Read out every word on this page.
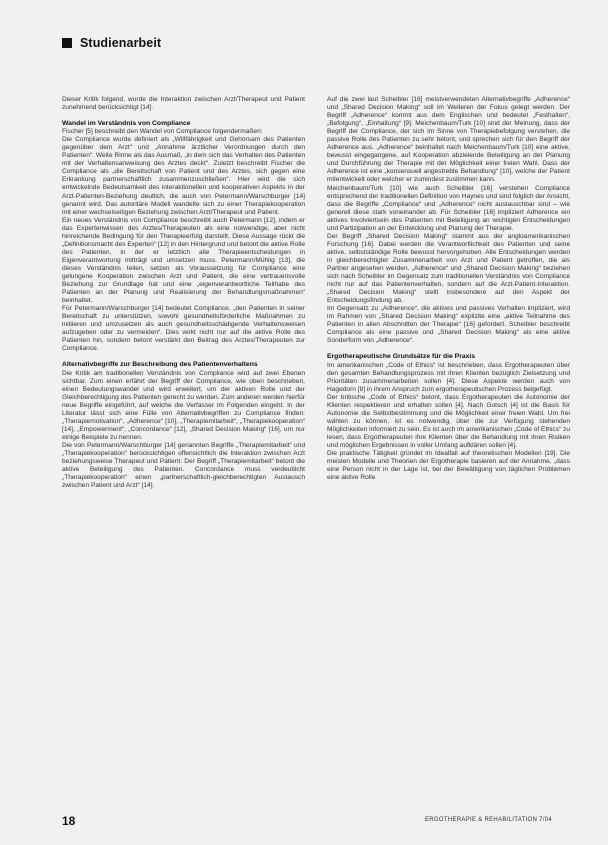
Studienarbeit

Dieser Kritik folgend, wurde die Interaktion zwischen Arzt/Therapeut und Patient zunehmend berücksichtigt [14].

Wandel im Verständnis von Compliance

Fischer [5] beschreibt den Wandel von Compliance folgendermaßen:

Die Compliance wurde definiert als „Willfährigkeit und Gehorsam des Patienten gegenüber dem Arzt“ und „Annahme ärztlicher Verordnungen durch den Patienten“. Weite Rinne als das Ausmaß, „in dem sich das Verhalten des Patienten mit der Verhaltensanweisung des Arztes deckt“. Zuletzt beschreibt Fischer die Compliance als „die Bereitschaft von Patient und des Arztes, sich gegen eine Erkrankung partnerschaftlich zusammenzuschließen“. Hier wird die sich entwickelnde Bedeutsamkeit des interaktionellen und kooperativen Aspekts in der Arzt-Patienten-Beziehung deutlich, die auch von Petermann/Warschburger [14] genannt wird. Das autoritäre Modell wandelte sich zu einer Therapiekooperation mit einer wechselseitigen Beziehung zwischen Arzt/Therapeut und Patient.

Ein neues Verständnis von Compliance beschreibt auch Petermann [12], indem er das Expertenwissen des Arztes/Therapeuten als eine notwendige, aber nicht hinreichende Bedingung für den Therapieerfolg darstellt. Diese Aussage rückt die „Definitionsmacht des Experten“ [12] in den Hintergrund und betont die aktive Rolle des Patienten, in der er letztlich alle Therapieentscheidungen in Eigenverantwortung mitträgt und umsetzen muss. Petermann/Mühlig [13], die dieses Verständnis teilen, setzen als Voraussetzung für Compliance eine gelungene Kooperation zwischen Arzt und Patient, die eine vertrauensvolle Beziehung zur Grundlage hat und eine „eigenverantwortliche Teilhabe des Patienten an der Planung und Realisierung der Behandlungsmaßnahmen“ beinhaltet.

Für Petermann/Warschburger [14] bedeutet Compliance, „den Patienten in seiner Bereitschaft zu unterstützen, sowohl gesundheitsförderliche Maßnahmen zu initiieren und umzusetzen als auch gesundheitsschädigende Verhaltensweisen aufzugeben oder zu vermeiden“. Dies wirkt nicht nur auf die aktive Rolle des Patienten hin, sondern betont verstärkt den Beitrag des Arztes/Therapeuten zur Compliance.

Alternativbegriffe zur Beschreibung des Patientenverhaltens

Die Kritik am traditionellen Verständnis von Compliance wird auf zwei Ebenen sichtbar. Zum einen erfährt der Begriff der Compliance, wie oben beschrieben, einen Bedeutungswandel und wird erweitert, um der aktiven Rolle und der Gleichberechtigung des Patienten gerecht zu werden. Zum anderen werden hierfür neue Begriffe eingeführt, auf welche die Verfasser im Folgenden eingeht. In der Literatur lässt sich eine Fülle von Alternativbegriffen zu Compliance finden: „Therapiemotivation“, „Adherence“ [10], „Therapiemitarbeit“, „Therapiekooperation“ [14], „Empowerment“, „Concordance“ [12], „Shared Decision Making“ [16], um nur einige Beispiele zu nennen.

Die von Petermann/Warschburger [14] genannten Begriffe „Therapiemitarbeit“ und „Therapiekooperation“ berücksichtigen offensichtlich die Interaktion zwischen Arzt beziehungsweise Therapeut und Patient. Der Begriff „Therapiemitarbeit“ betont die aktive Beteiligung des Patienten. Concordance muss verdeutlicht „Therapiekooperation“ einen „partnerschaftlich-gleichberechtigten Austausch zwischen Patient und Arzt“ [14].

Auf die zwei laut Scheibler [16] meistverwendeten Alternativbegriffe „Adherence“ und „Shared Decision Making“ soll im Weiteren der Fokus gelegt werden. Der Begriff „Adherence“ kommt aus dem Englischen und bedeutet „Festhalten“, „Befolgung“, „Einhaltung“ [9]. Meichenbaum/Turk [10] sind der Meinung, dass der Begriff der Compliance, der sich im Sinne von Therapiebefolgung verstehen, die passive Rolle des Patienten zu sehr betont, und sprechen sich für den Begriff der Adherence aus. „Adherence“ beinhaltet nach Meichenbaum/Turk [10] eine aktive, bewusst eingegangene, auf Kooperation abzielende Beteiligung an der Planung und Durchführung der Therapie mit der Möglichkeit einer freien Wahl. Dass der Adherence ist eine „konsensuell angestrebte Behandlung“ [10], welche der Patient mitentwickelt oder welcher er zumindest zustimmen kann.

Meichenbaum/Turk [10] wie auch Scheibler [16] verstehen Compliance entsprechend der traditionellen Definition von Haynes und sind folglich der Ansicht, dass die Begriffe „Compliance“ und „Adherence“ nicht austauschbar sind – wie generell diese stark voneinander ab. Für Scheibler [16] impliziert Adherence ein aktives Involviertsein des Patienten mit Beteiligung an wichtigen Entscheidungen und Partizipation an der Entwicklung und Planung der Therapie.

Der Begriff „Shared Decision Making“ stammt aus der angloamerikanischen Forschung [16]. Dabei werden die Verantwortlichkeit des Patienten und seine aktive, selbstständige Rolle bewusst hervorgehoben. Alle Entscheidungen werden in gleichberechtigter Zusammenarbeit von Arzt und Patient getroffen, die als Partner angesehen werden. „Adherence“ und „Shared Decision Making“ beziehen sich nach Scheibler im Gegensatz zum traditionellen Verständnis von Compliance nicht nur auf das Patientenverhalten, sondern auf die Arzt-Patient-Interaktion. „Shared Decision Making“ stellt insbesondere auf den Aspekt der Entscheidungsfindung ab.

Im Gegensatz zu „Adherence“, die aktives und passives Verhalten impliziert, wird im Rahmen von „Shared Decision Making“ explizite eine „aktive Teilnahme des Patienten in allen Abschnitten der Therapie“ [16] gefordert. Scheibler beschreibt Compliance als eine passive und „Shared Decision Making“ als eine aktive Sonderform von „Adherence“.

Ergotherapeutische Grundsätze für die Praxis

Im amerikanischen „Code of Ethics“ ist beschrieben, dass Ergotherapeuten über den gesamten Behandlungsprozess mit ihren Klienten bezüglich Zielsetzung und Prioritäten zusammenarbeiten sollen [4]. Diese Aspekte werden auch von Hagedorn [8] in ihrem Anspruch zum ergotherapeutischen Prozess beigefügt.

Der britische „Code of Ethics“ betont, dass Ergotherapeuten die Autonomie der Klienten respektieren und erhalten sollen [4]. Nach Gotsch [4] ist die Basis für Autonomie die Selbstbestimmung und die Möglichkeit einer freien Wahl. Um frei wählen zu können, ist es notwendig, über die zur Verfügung stehenden Möglichkeiten informiert zu sein. Es ist auch im amerikanischen „Code of Ethics“ zu lesen, dass Ergotherapeuten ihre Klienten über die Behandlung mit ihren Risiken und möglichen Ergebnissen in voller Umfang aufklären sollen [4].

Die praktische Tätigkeit gründet im Idealfall auf theoretischen Modellen [19]. Die meisten Modelle und Theorien der Ergotherapie basieren auf der Annahme, „dass eine Person nicht in der Lage ist, bei der Bewältigung von täglichen Problemen eine aktive Rolle

18	ERGOTHERAPIE & REHABILITATION 7/04
